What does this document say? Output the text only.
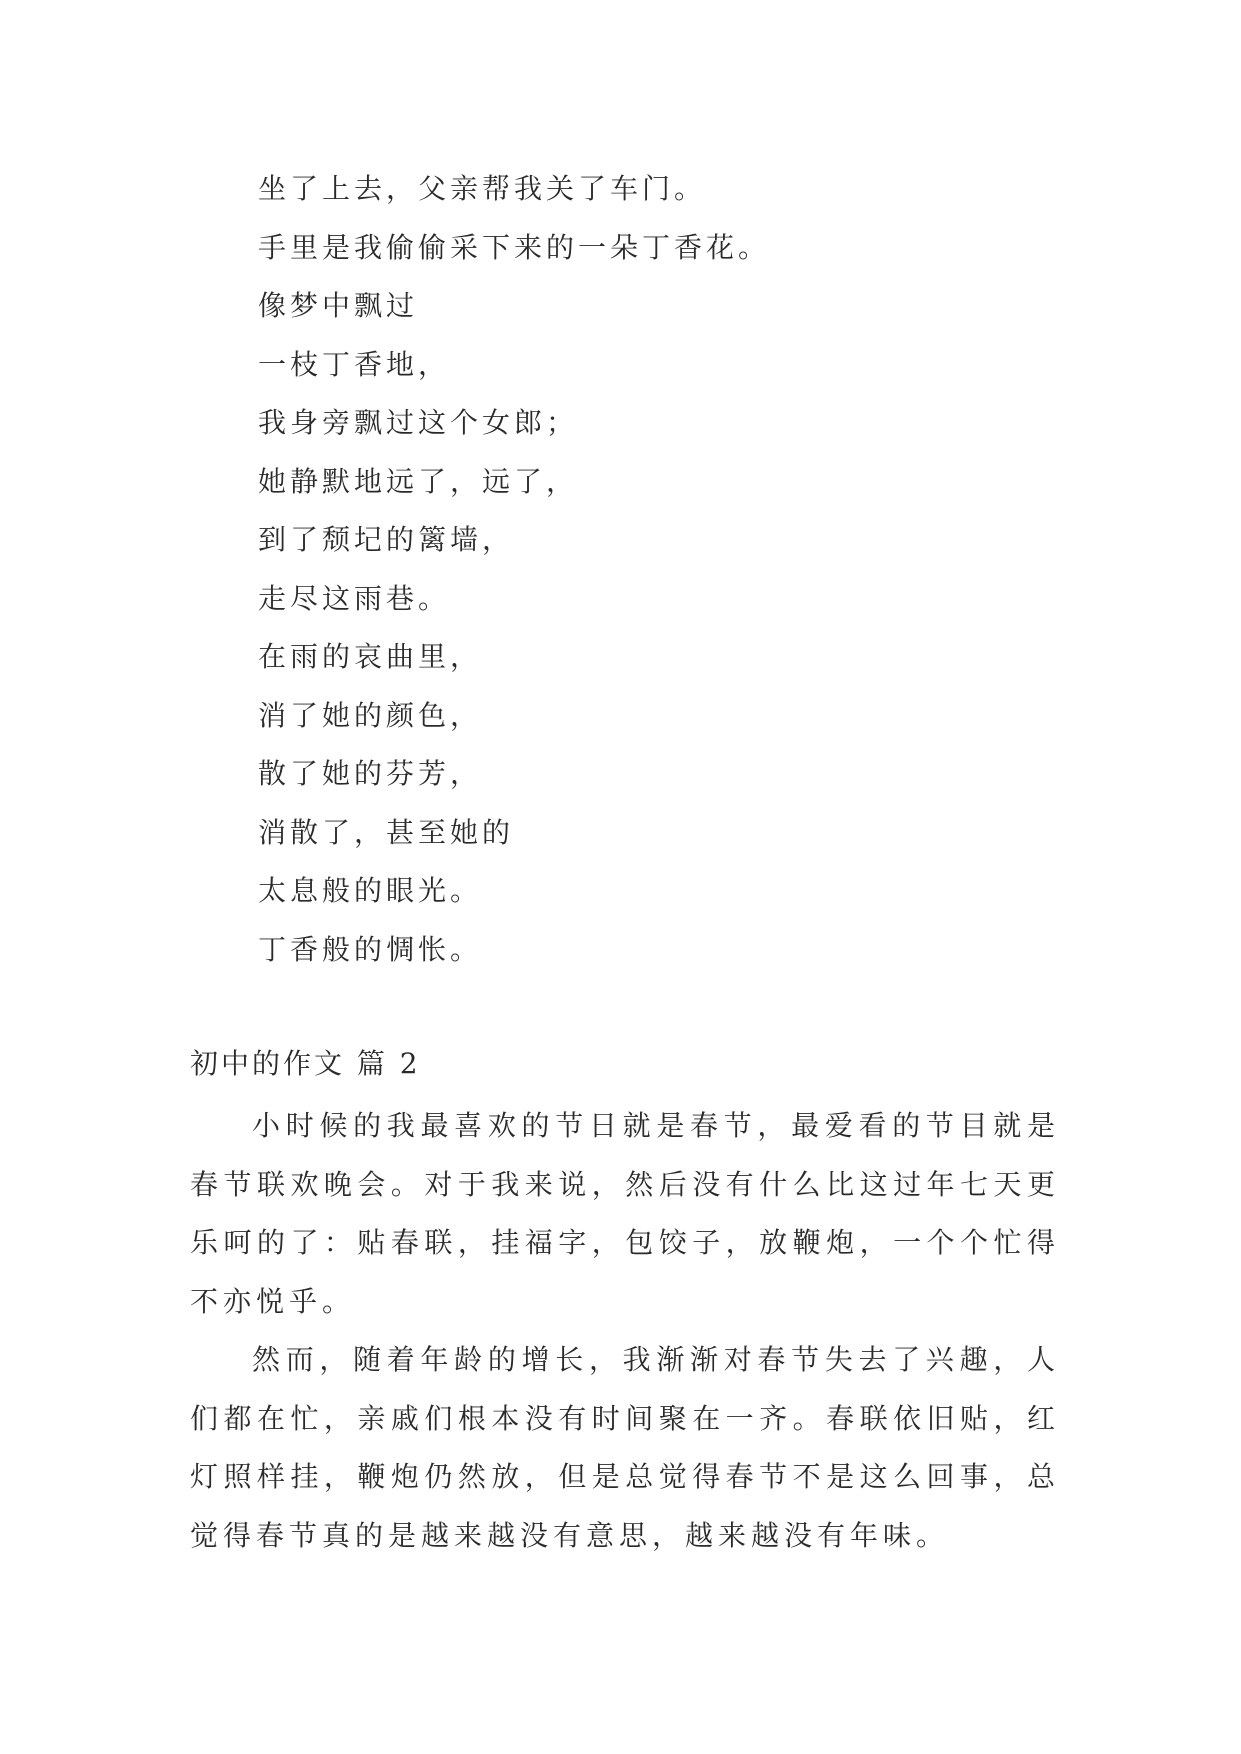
坐了上去，父亲帮我关了车门。
手里是我偷偷采下来的一朵丁香花。
像梦中飘过
一枝丁香地，
我身旁飘过这个女郎；
她静默地远了，远了，
到了颓圮的篱墙，
走尽这雨巷。
在雨的哀曲里，
消了她的颜色，
散了她的芬芳，
消散了，甚至她的
太息般的眼光。
丁香般的惆怅。
初中的作文 篇 2

小时候的我最喜欢的节日就是春节，最爱看的节目就是春节联欢晚会。对于我来说，然后没有什么比这过年七天更乐呵的了：贴春联，挂福字，包饺子，放鞭炮，一个个忙得不亦悦乎。

然而，随着年龄的增长，我渐渐对春节失去了兴趣，人们都在忙，亲戚们根本没有时间聚在一齐。春联依旧贴，红灯照样挂，鞭炮仍然放，但是总觉得春节不是这么回事，总觉得春节真的是越来越没有意思，越来越没有年味。
